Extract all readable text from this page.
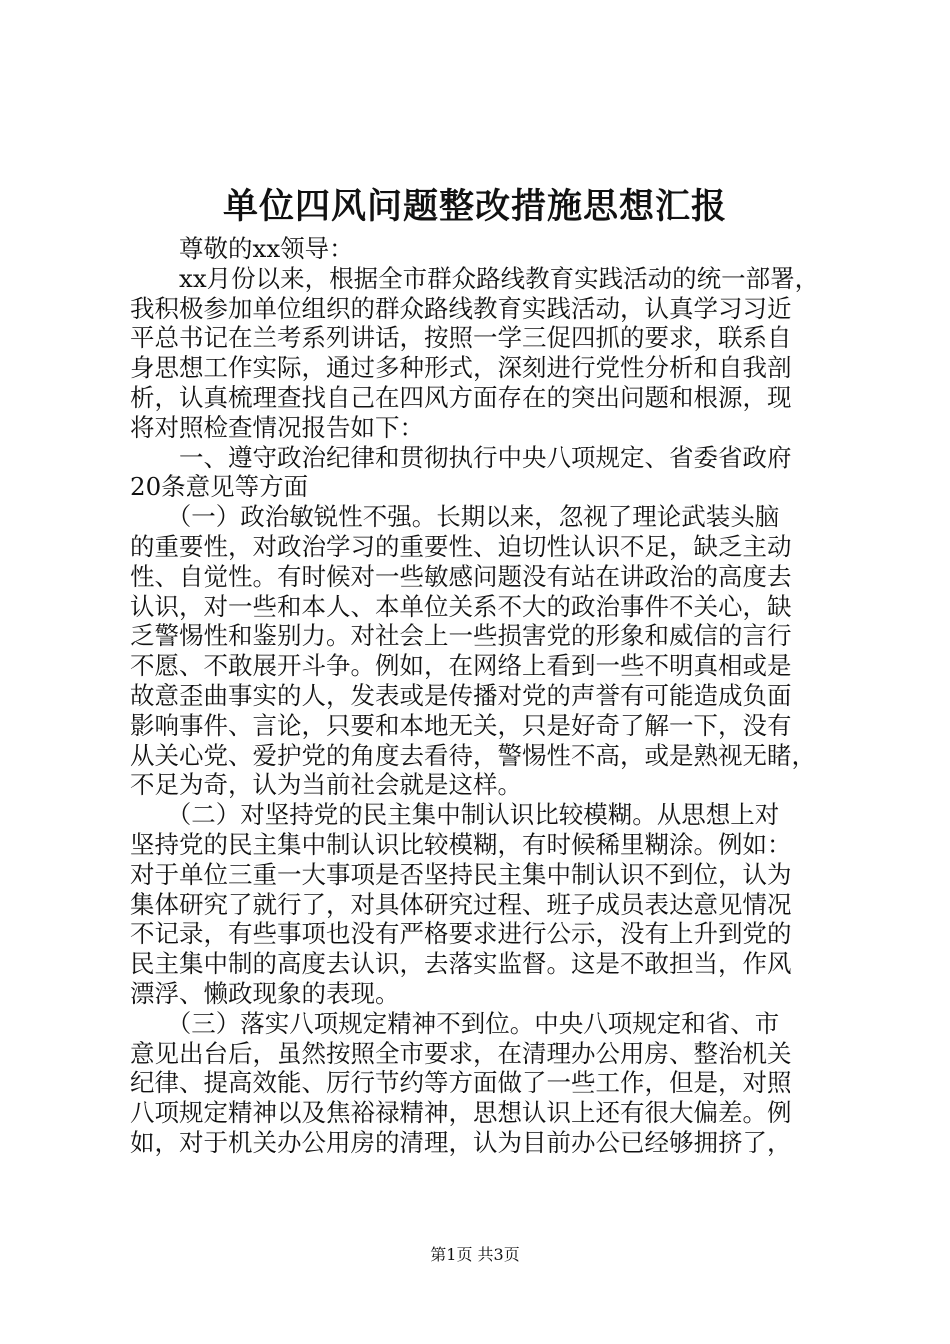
单位四风问题整改措施思想汇报
　　尊敬的xx领导：
　　xx月份以来，根据全市群众路线教育实践活动的统一部署，
我积极参加单位组织的群众路线教育实践活动，认真学习习近
平总书记在兰考系列讲话，按照一学三促四抓的要求，联系自
身思想工作实际，通过多种形式，深刻进行党性分析和自我剖
析，认真梳理查找自己在四风方面存在的突出问题和根源，现
将对照检查情况报告如下：
　　一、遵守政治纪律和贯彻执行中央八项规定、省委省政府
20条意见等方面
　　（一）政治敏锐性不强。长期以来，忽视了理论武装头脑
的重要性，对政治学习的重要性、迫切性认识不足，缺乏主动
性、自觉性。有时候对一些敏感问题没有站在讲政治的高度去
认识，对一些和本人、本单位关系不大的政治事件不关心，缺
乏警惕性和鉴别力。对社会上一些损害党的形象和威信的言行
不愿、不敢展开斗争。例如，在网络上看到一些不明真相或是
故意歪曲事实的人，发表或是传播对党的声誉有可能造成负面
影响事件、言论，只要和本地无关，只是好奇了解一下，没有
从关心党、爱护党的角度去看待，警惕性不高，或是熟视无睹，
不足为奇，认为当前社会就是这样。
　　（二）对坚持党的民主集中制认识比较模糊。从思想上对
坚持党的民主集中制认识比较模糊，有时候稀里糊涂。例如：
对于单位三重一大事项是否坚持民主集中制认识不到位，认为
集体研究了就行了，对具体研究过程、班子成员表达意见情况
不记录，有些事项也没有严格要求进行公示，没有上升到党的
民主集中制的高度去认识，去落实监督。这是不敢担当，作风
漂浮、懒政现象的表现。
　　（三）落实八项规定精神不到位。中央八项规定和省、市
意见出台后，虽然按照全市要求，在清理办公用房、整治机关
纪律、提高效能、厉行节约等方面做了一些工作，但是，对照
八项规定精神以及焦裕禄精神，思想认识上还有很大偏差。例
如，对于机关办公用房的清理，认为目前办公已经够拥挤了，
第1页 共3页
